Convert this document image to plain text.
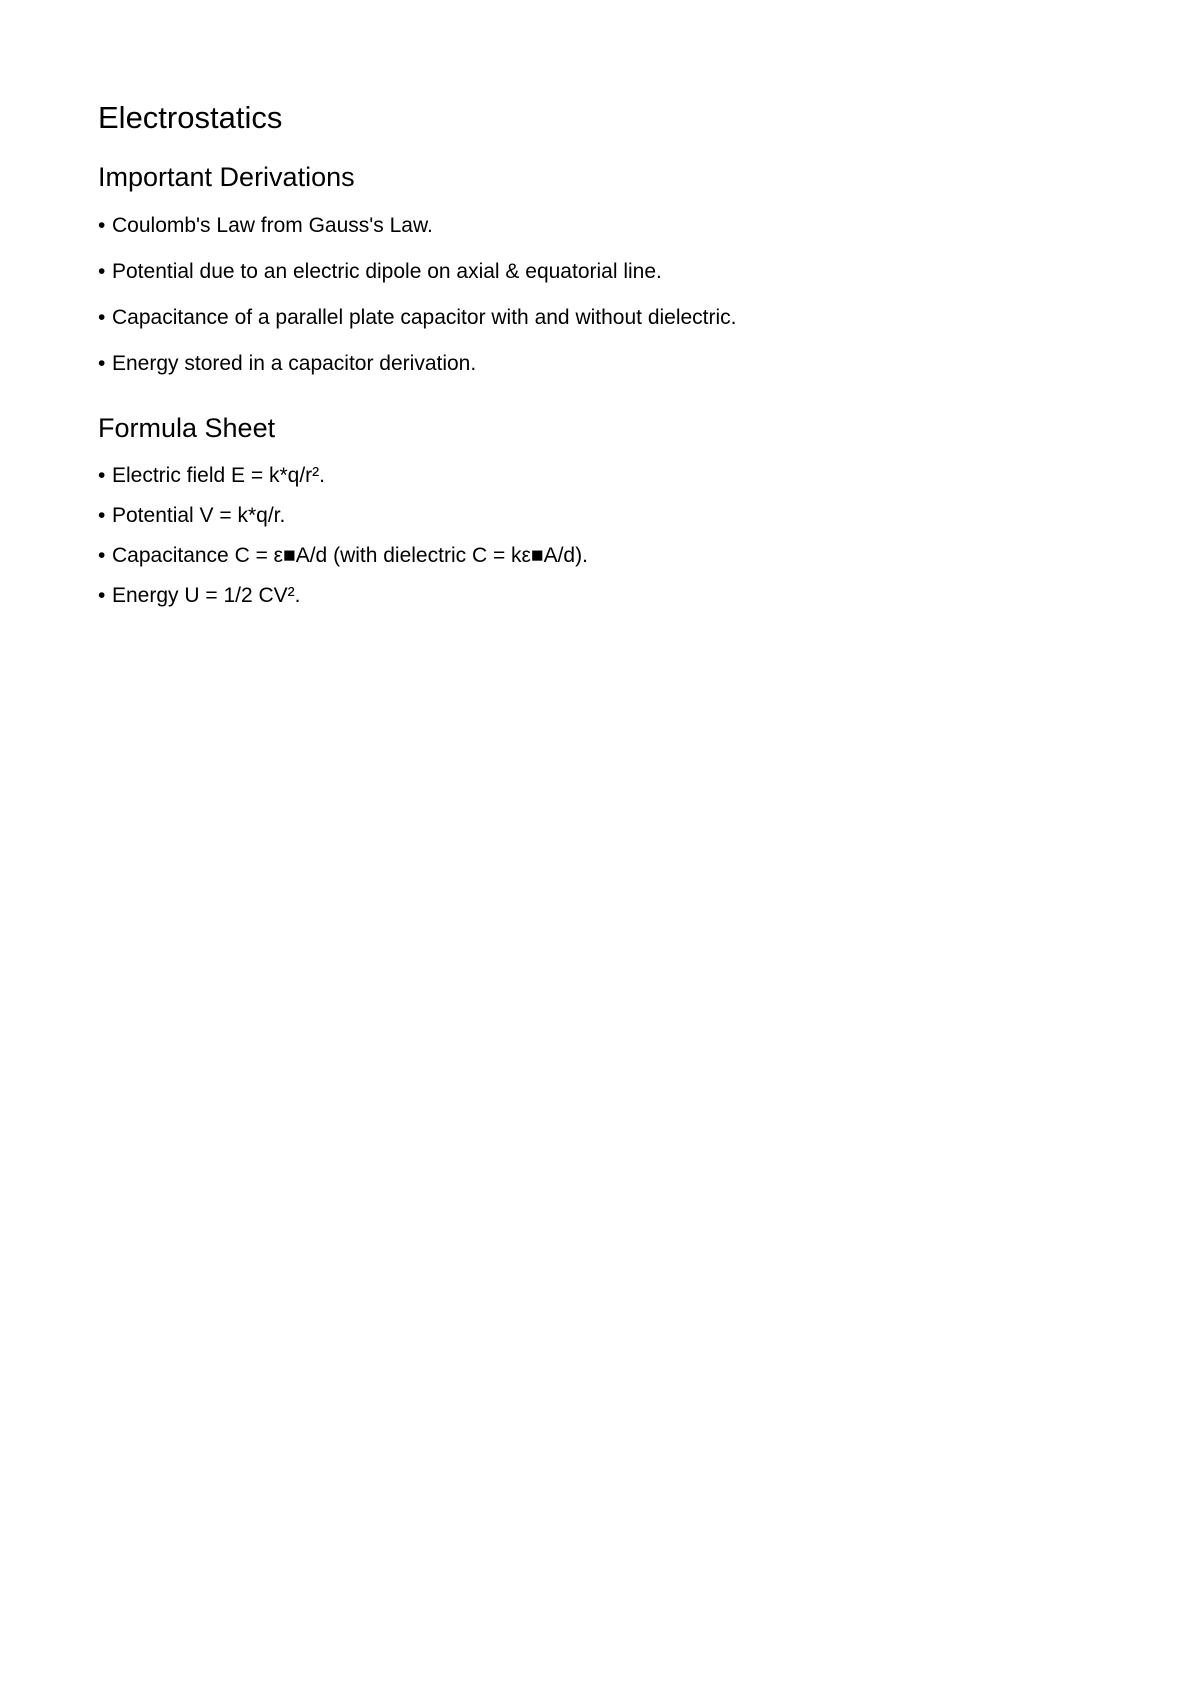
Electrostatics
Important Derivations
• Coulomb's Law from Gauss's Law.
• Potential due to an electric dipole on axial & equatorial line.
• Capacitance of a parallel plate capacitor with and without dielectric.
• Energy stored in a capacitor derivation.
Formula Sheet
• Electric field E = k*q/r².
• Potential V = k*q/r.
• Capacitance C = ε■A/d (with dielectric C = kε■A/d).
• Energy U = 1/2 CV².
